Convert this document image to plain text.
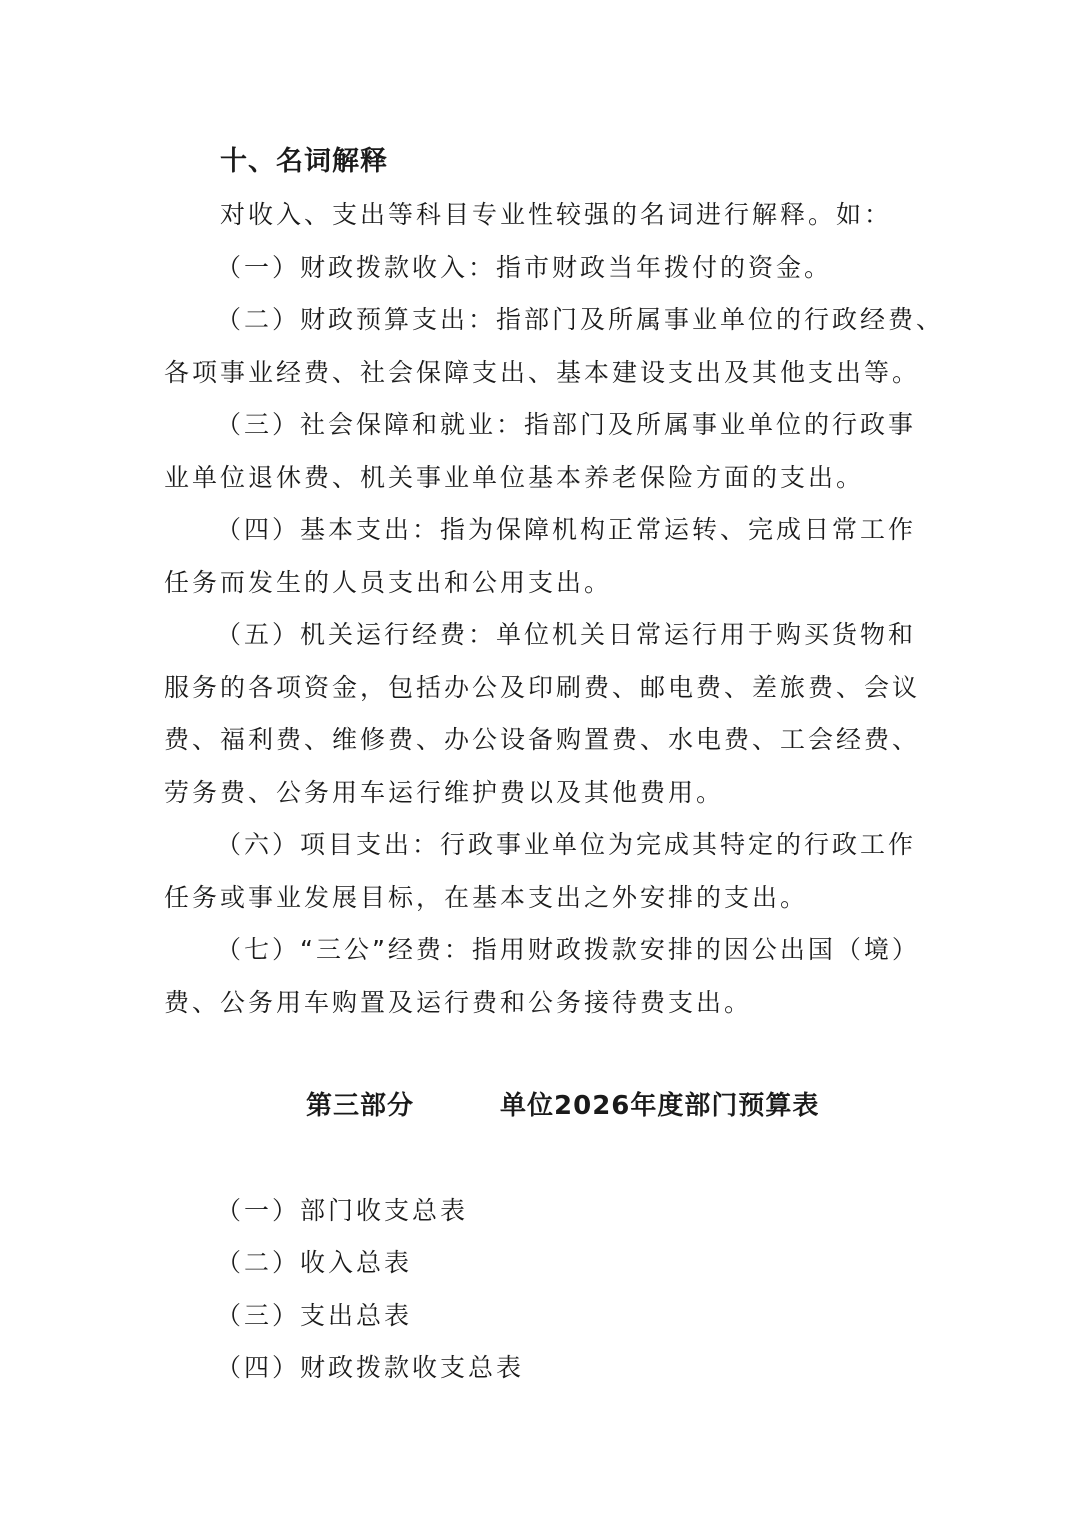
十、名词解释

对收入、支出等科目专业性较强的名词进行解释。如：

（一）财政拨款收入：指市财政当年拨付的资金。

（二）财政预算支出：指部门及所属事业单位的行政经费、

各项事业经费、社会保障支出、基本建设支出及其他支出等。

（三）社会保障和就业：指部门及所属事业单位的行政事

业单位退休费、机关事业单位基本养老保险方面的支出。

（四）基本支出：指为保障机构正常运转、完成日常工作

任务而发生的人员支出和公用支出。

（五）机关运行经费：单位机关日常运行用于购买货物和

服务的各项资金，包括办公及印刷费、邮电费、差旅费、会议

费、福利费、维修费、办公设备购置费、水电费、工会经费、

劳务费、公务用车运行维护费以及其他费用。

（六）项目支出：行政事业单位为完成其特定的行政工作

任务或事业发展目标，在基本支出之外安排的支出。

（七）“三公”经费：指用财政拨款安排的因公出国（境）

费、公务用车购置及运行费和公务接待费支出。

第三部分	单位2026年度部门预算表

（一）部门收支总表

（二）收入总表

（三）支出总表

（四）财政拨款收支总表
